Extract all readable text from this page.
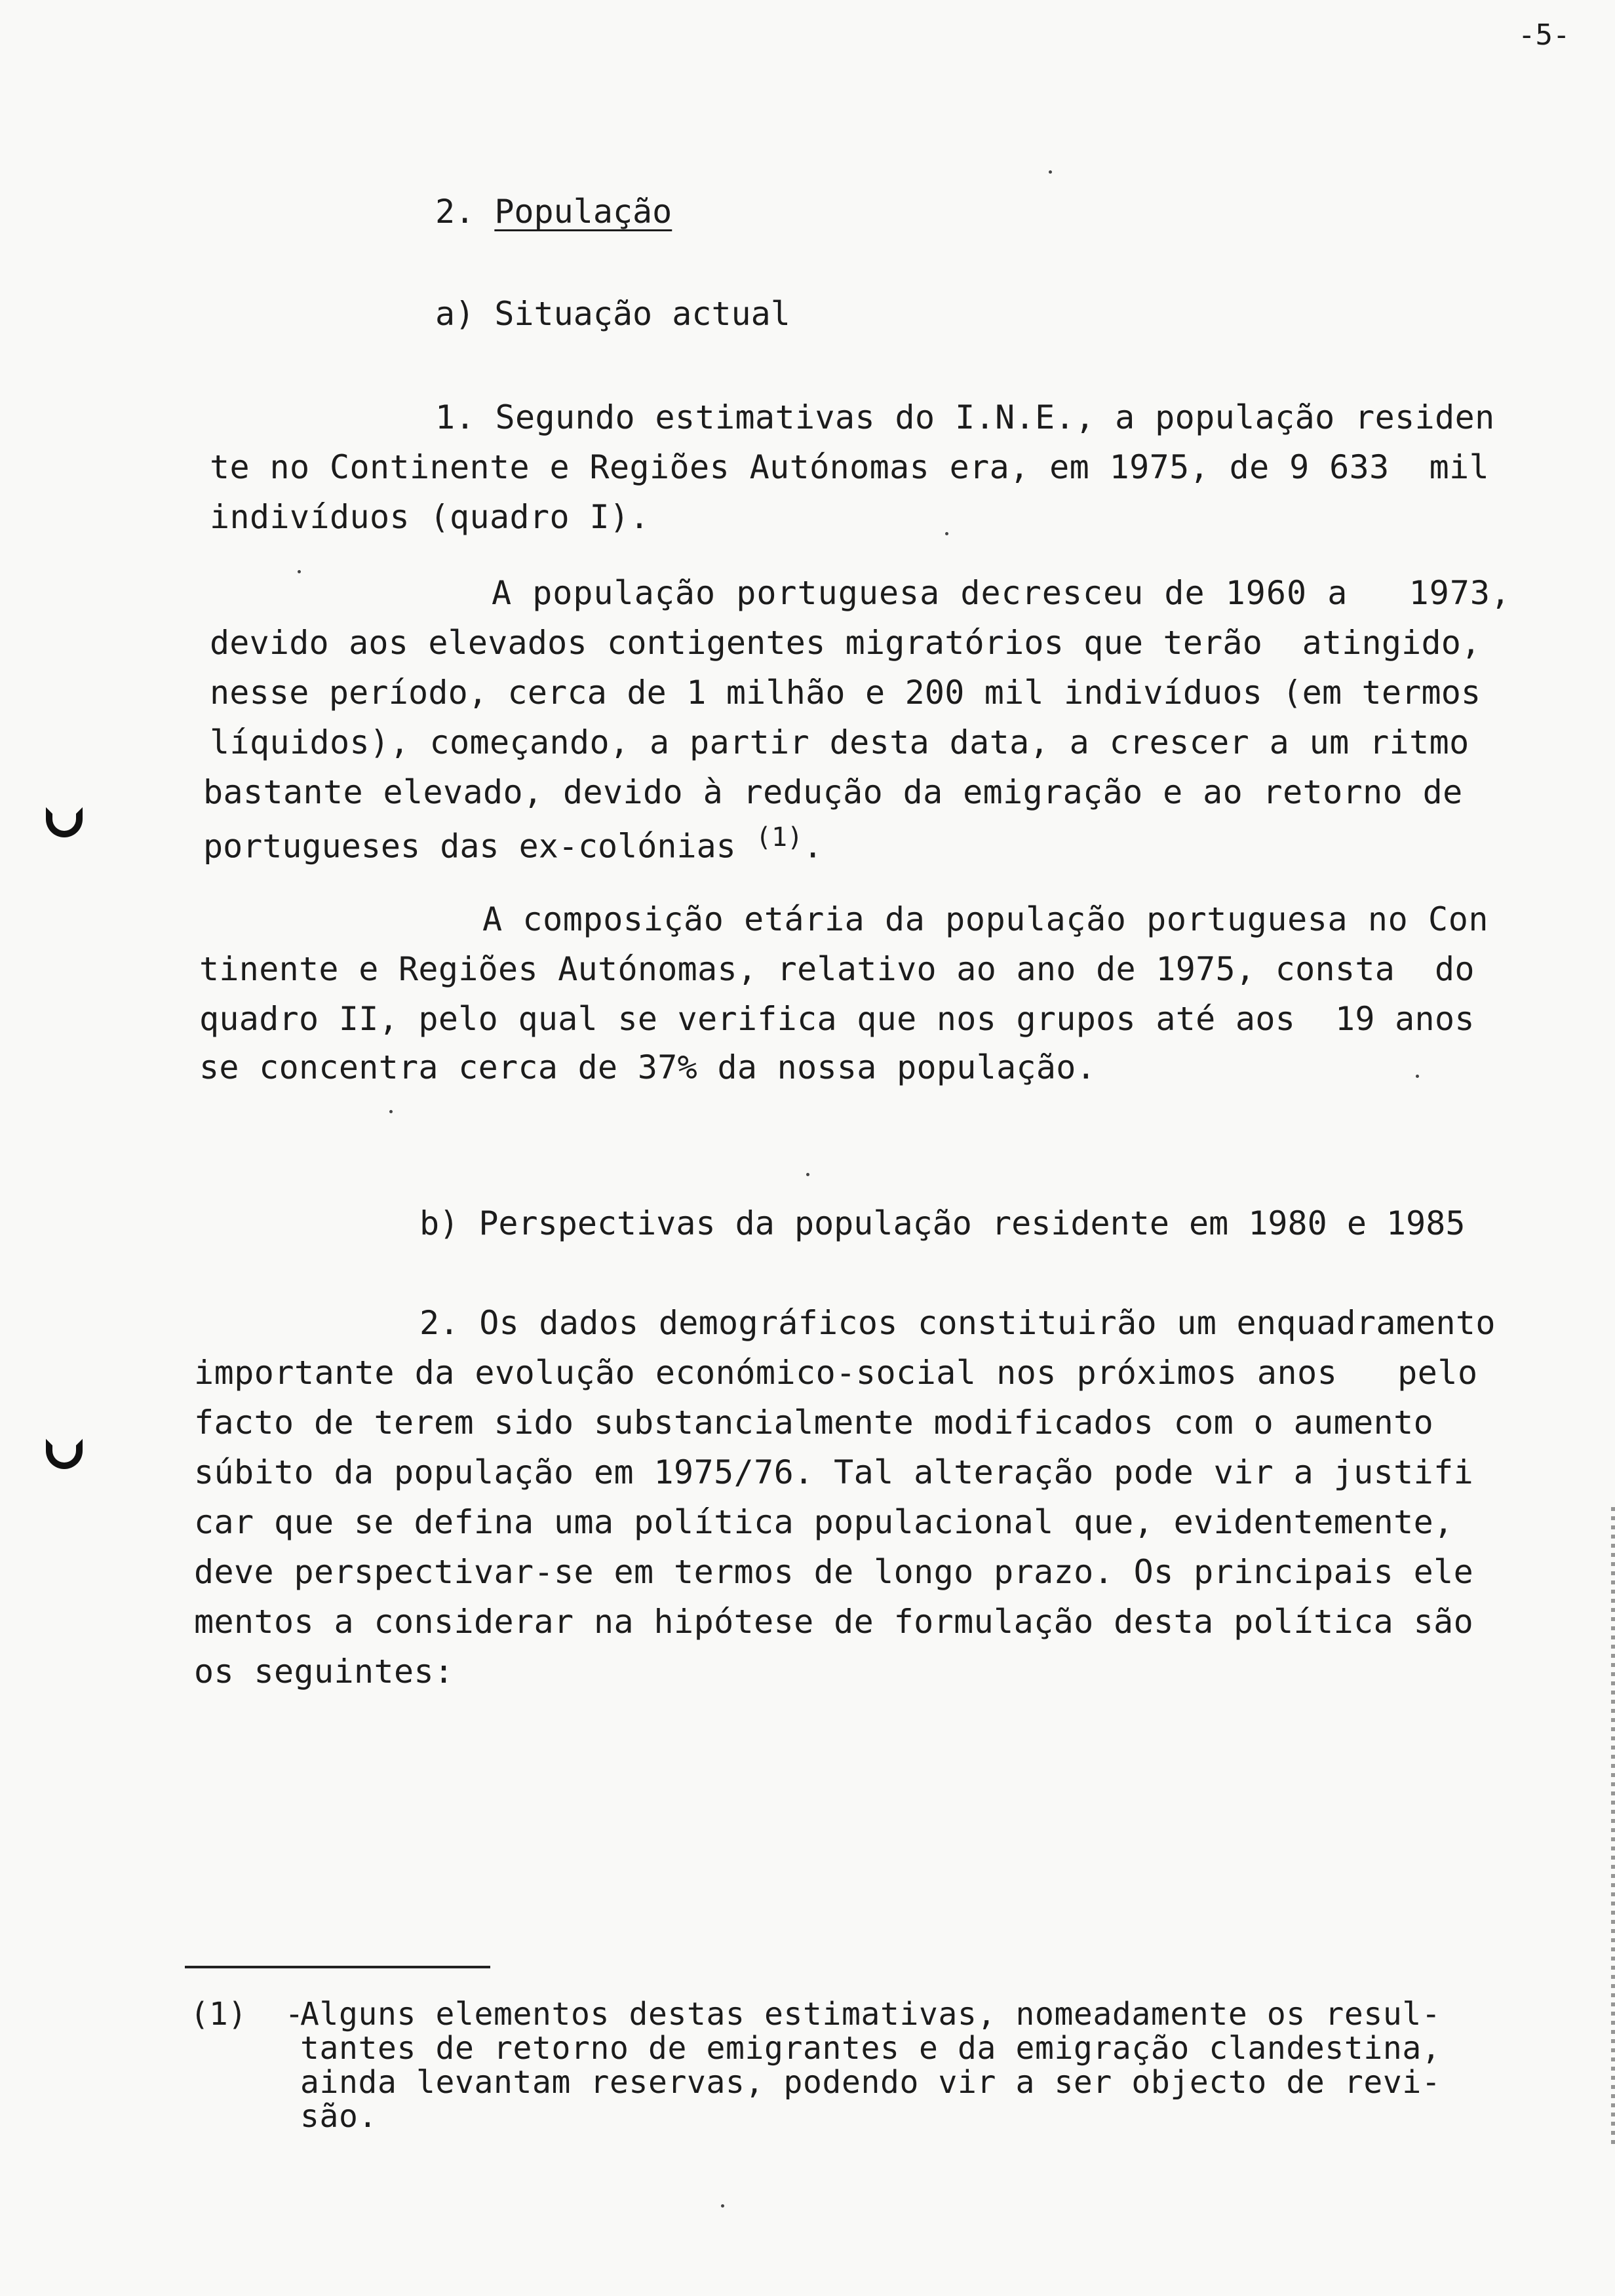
-5-
2. População
a) Situação actual
1. Segundo estimativas do I.N.E., a população residen
te no Continente e Regiões Autónomas era, em 1975, de 9 633  mil
indivíduos (quadro I).
A população portuguesa decresceu de 1960 a   1973,
devido aos elevados contigentes migratórios que terão  atingido,
nesse período, cerca de 1 milhão e 200 mil indivíduos (em termos
líquidos), começando, a partir desta data, a crescer a um ritmo
bastante elevado, devido à redução da emigração e ao retorno de
portugueses das ex-colónias $^{(1)}$.
A composição etária da população portuguesa no Con
tinente e Regiões Autónomas, relativo ao ano de 1975, consta  do
quadro II, pelo qual se verifica que nos grupos até aos  19 anos
se concentra cerca de 37% da nossa população.
b) Perspectivas da população residente em 1980 e 1985
2. Os dados demográficos constituirão um enquadramento
importante da evolução económico-social nos próximos anos   pelo
facto de terem sido substancialmente modificados com o aumento
súbito da população em 1975/76. Tal alteração pode vir a justifi
car que se defina uma política populacional que, evidentemente,
deve perspectivar-se em termos de longo prazo. Os principais ele
mentos a considerar na hipótese de formulação desta política são
os seguintes:
(1) -
Alguns elementos destas estimativas, nomeadamente os resul-
tantes de retorno de emigrantes e da emigração clandestina,
ainda levantam reservas, podendo vir a ser objecto de revi-
são.
